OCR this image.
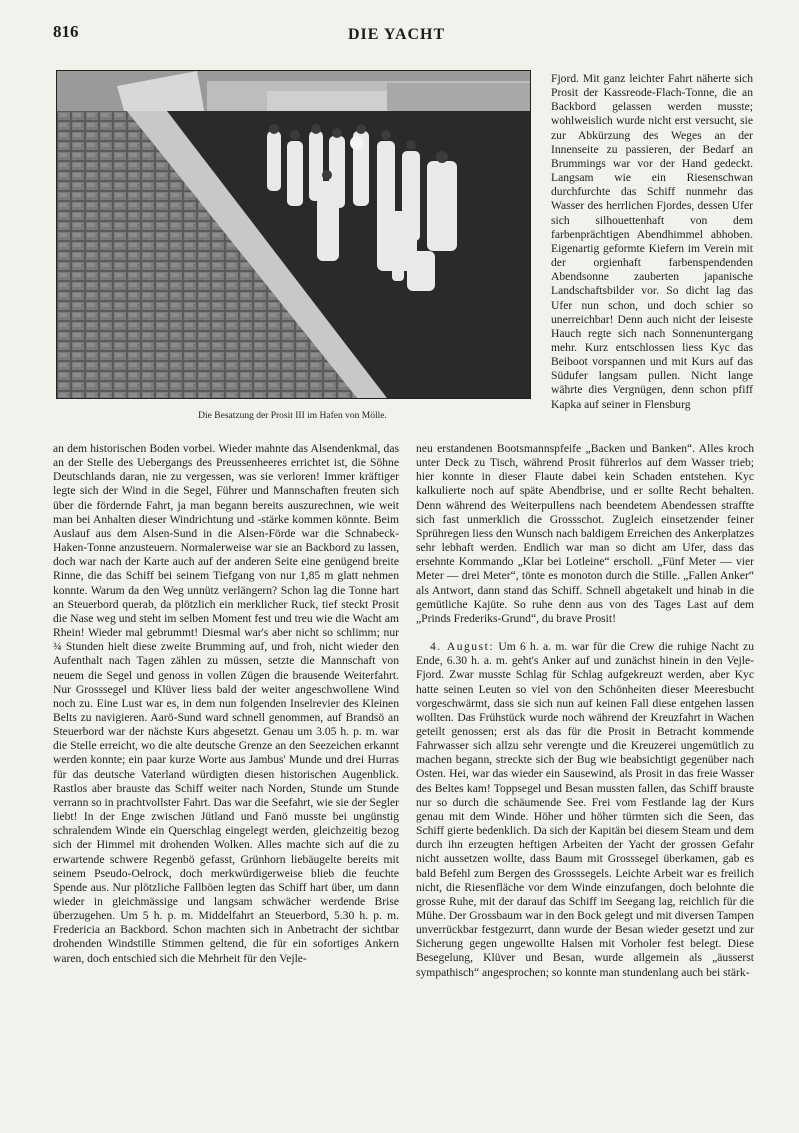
816	DIE YACHT
Die Besatzung der Prosit III im Hafen von Mölle.

Fjord. Mit ganz leichter Fahrt näherte sich Prosit der Kassreode-Flach-Tonne, die an Backbord gelassen werden musste; wohlweislich wurde nicht erst versucht, sie zur Abkürzung des Weges an der Innenseite zu passieren, der Bedarf an Brummings war vor der Hand gedeckt. Langsam wie ein Riesenschwan durchfurchte das Schiff nunmehr das Wasser des herrlichen Fjordes, dessen Ufer sich silhouettenhaft von dem farbenprächtigen Abendhimmel abhoben. Eigenartig geformte Kiefern im Verein mit der orgienhaft farbenspendenden Abendsonne zauberten japanische Landschaftsbilder vor. So dicht lag das Ufer nun schon, und doch schier so unerreichbar! Denn auch nicht der leiseste Hauch regte sich nach Sonnenuntergang mehr. Kurz entschlossen liess Kyc das Beiboot vorspannen und mit Kurs auf das Südufer langsam pullen. Nicht lange währte dies Vergnügen, denn schon pfiff Kapka auf seiner in Flensburg

an dem historischen Boden vorbei. Wieder mahnte das Alsendenkmal, das an der Stelle des Uebergangs des Preussenheeres errichtet ist, die Söhne Deutschlands daran, nie zu vergessen, was sie verloren! Immer kräftiger legte sich der Wind in die Segel, Führer und Mannschaften freuten sich über die fördernde Fahrt, ja man begann bereits auszurechnen, wie weit man bei Anhalten dieser Windrichtung und -stärke kommen könnte. Beim Auslauf aus dem Alsen-Sund in die Alsen-Förde war die Schnabeck-Haken-Tonne anzusteuern. Normalerweise war sie an Backbord zu lassen, doch war nach der Karte auch auf der anderen Seite eine genügend breite Rinne, die das Schiff bei seinem Tiefgang von nur 1,85 m glatt nehmen konnte. Warum da den Weg unnütz verlängern? Schon lag die Tonne hart an Steuerbord querab, da plötzlich ein merklicher Ruck, tief steckt Prosit die Nase weg und steht im selben Moment fest und treu wie die Wacht am Rhein! Wieder mal gebrummt! Diesmal war's aber nicht so schlimm; nur ¾ Stunden hielt diese zweite Brumming auf, und froh, nicht wieder den Aufenthalt nach Tagen zählen zu müssen, setzte die Mannschaft von neuem die Segel und genoss in vollen Zügen die brausende Weiterfahrt. Nur Grosssegel und Klüver liess bald der weiter angeschwollene Wind noch zu. Eine Lust war es, in dem nun folgenden Inselrevier des Kleinen Belts zu navigieren. Aarö-Sund ward schnell genommen, auf Brandsö an Steuerbord war der nächste Kurs abgesetzt. Genau um 3.05 h. p. m. war die Stelle erreicht, wo die alte deutsche Grenze an den Seezeichen erkannt werden konnte; ein paar kurze Worte aus Jambus' Munde und drei Hurras für das deutsche Vaterland würdigten diesen historischen Augenblick. Rastlos aber brauste das Schiff weiter nach Norden, Stunde um Stunde verrann so in prachtvollster Fahrt. Das war die Seefahrt, wie sie der Segler liebt! In der Enge zwischen Jütland und Fanö musste bei ungünstig schralendem Winde ein Querschlag eingelegt werden, gleichzeitig bezog sich der Himmel mit drohenden Wolken. Alles machte sich auf die zu erwartende schwere Regenbö gefasst, Grünhorn liebäugelte bereits mit seinem Pseudo-Oelrock, doch merkwürdigerweise blieb die feuchte Spende aus. Nur plötzliche Fallböen legten das Schiff hart über, um dann wieder in gleichmässige und langsam schwächer werdende Brise überzugehen. Um 5 h. p. m. Middelfahrt an Steuerbord, 5.30 h. p. m. Fredericia an Backbord. Schon machten sich in Anbetracht der sichtbar drohenden Windstille Stimmen geltend, die für ein sofortiges Ankern waren, doch entschied sich die Mehrheit für den Vejle-

neu erstandenen Bootsmannspfeife „Backen und Banken“. Alles kroch unter Deck zu Tisch, während Prosit führerlos auf dem Wasser trieb; hier konnte in dieser Flaute dabei kein Schaden entstehen. Kyc kalkulierte noch auf späte Abendbrise, und er sollte Recht behalten. Denn während des Weiterpullens nach beendetem Abendessen straffte sich fast unmerklich die Grossschot. Zugleich einsetzender feiner Sprühregen liess den Wunsch nach baldigem Erreichen des Ankerplatzes sehr lebhaft werden. Endlich war man so dicht am Ufer, dass das ersehnte Kommando „Klar bei Lotleine“ erscholl. „Fünf Meter — vier Meter — drei Meter“, tönte es monoton durch die Stille. „Fallen Anker“ als Antwort, dann stand das Schiff. Schnell abgetakelt und hinab in die gemütliche Kajüte. So ruhe denn aus von des Tages Last auf dem „Prinds Frederiks-Grund“, du brave Prosit!

4. August: Um 6 h. a. m. war für die Crew die ruhige Nacht zu Ende, 6.30 h. a. m. geht's Anker auf und zunächst hinein in den Vejle-Fjord. Zwar musste Schlag für Schlag aufgekreuzt werden, aber Kyc hatte seinen Leuten so viel von den Schönheiten dieser Meeresbucht vorgeschwärmt, dass sie sich nun auf keinen Fall diese entgehen lassen wollten. Das Frühstück wurde noch während der Kreuzfahrt in Wachen geteilt genossen; erst als das für die Prosit in Betracht kommende Fahrwasser sich allzu sehr verengte und die Kreuzerei ungemütlich zu machen begann, streckte sich der Bug wie beabsichtigt gegenüber nach Osten. Hei, war das wieder ein Sausewind, als Prosit in das freie Wasser des Beltes kam! Toppsegel und Besan mussten fallen, das Schiff brauste nur so durch die schäumende See. Frei vom Festlande lag der Kurs genau mit dem Winde. Höher und höher türmten sich die Seen, das Schiff gierte bedenklich. Da sich der Kapitän bei diesem Steam und dem durch ihn erzeugten heftigen Arbeiten der Yacht der grossen Gefahr nicht aussetzen wollte, dass Baum mit Grosssegel überkamen, gab es bald Befehl zum Bergen des Grosssegels. Leichte Arbeit war es freilich nicht, die Riesenfläche vor dem Winde einzufangen, doch belohnte die grosse Ruhe, mit der darauf das Schiff im Seegang lag, reichlich für die Mühe. Der Grossbaum war in den Bock gelegt und mit diversen Tampen unverrückbar festgezurrt, dann wurde der Besan wieder gesetzt und zur Sicherung gegen ungewollte Halsen mit Vorholer fest belegt. Diese Besegelung, Klüver und Besan, wurde allgemein als „äusserst sympathisch“ angesprochen; so konnte man stundenlang auch bei stärk-
